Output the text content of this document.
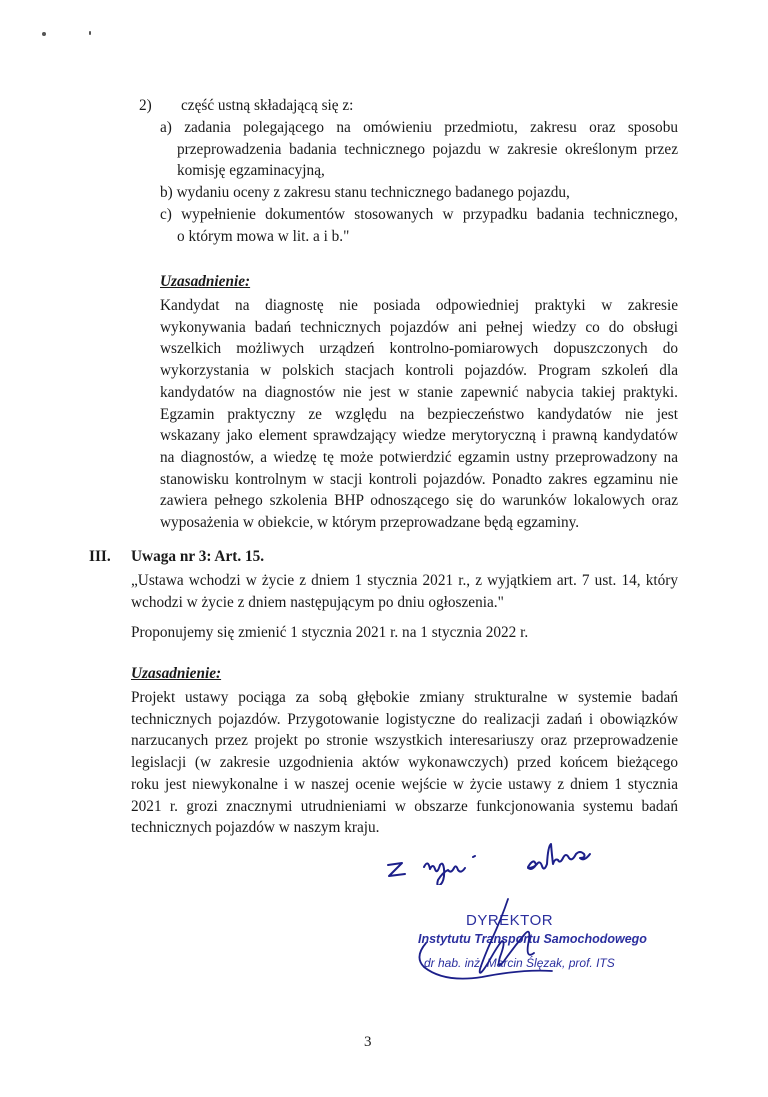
2) część ustną składającą się z:
a) zadania polegającego na omówieniu przedmiotu, zakresu oraz sposobu
przeprowadzenia badania technicznego pojazdu w zakresie określonym przez
komisję egzaminacyjną,
b) wydaniu oceny z zakresu stanu technicznego badanego pojazdu,
c) wypełnienie dokumentów stosowanych w przypadku badania technicznego,
o którym mowa w lit. a i b."
Uzasadnienie:
Kandydat na diagnostę nie posiada odpowiedniej praktyki w zakresie
wykonywania badań technicznych pojazdów ani pełnej wiedzy co do obsługi
wszelkich możliwych urządzeń kontrolno-pomiarowych dopuszczonych do
wykorzystania w polskich stacjach kontroli pojazdów. Program szkoleń dla
kandydatów na diagnostów nie jest w stanie zapewnić nabycia takiej praktyki.
Egzamin praktyczny ze względu na bezpieczeństwo kandydatów nie jest
wskazany jako element sprawdzający wiedze merytoryczną i prawną kandydatów
na diagnostów, a wiedzę tę może potwierdzić egzamin ustny przeprowadzony na
stanowisku kontrolnym w stacji kontroli pojazdów. Ponadto zakres egzaminu nie
zawiera pełnego szkolenia BHP odnoszącego się do warunków lokalowych oraz
wyposażenia w obiekcie, w którym przeprowadzane będą egzaminy.
III. Uwaga nr 3: Art. 15.
„Ustawa wchodzi w życie z dniem 1 stycznia 2021 r., z wyjątkiem art. 7 ust. 14, który
wchodzi w życie z dniem następującym po dniu ogłoszenia."
Proponujemy się zmienić 1 stycznia 2021 r. na 1 stycznia 2022 r.
Uzasadnienie:
Projekt ustawy pociąga za sobą głębokie zmiany strukturalne w systemie badań
technicznych pojazdów. Przygotowanie logistyczne do realizacji zadań i obowiązków
narzucanych przez projekt po stronie wszystkich interesariuszy oraz przeprowadzenie
legislacji (w zakresie uzgodnienia aktów wykonawczych) przed końcem bieżącego
roku jest niewykonalne i w naszej ocenie wejście w życie ustawy z dniem 1 stycznia
2021 r. grozi znacznymi utrudnieniami w obszarze funkcjonowania systemu badań
technicznych pojazdów w naszym kraju.
DYREKTOR
Instytutu Transportu Samochodowego
dr hab. inż. Marcin Ślęzak, prof. ITS
3
